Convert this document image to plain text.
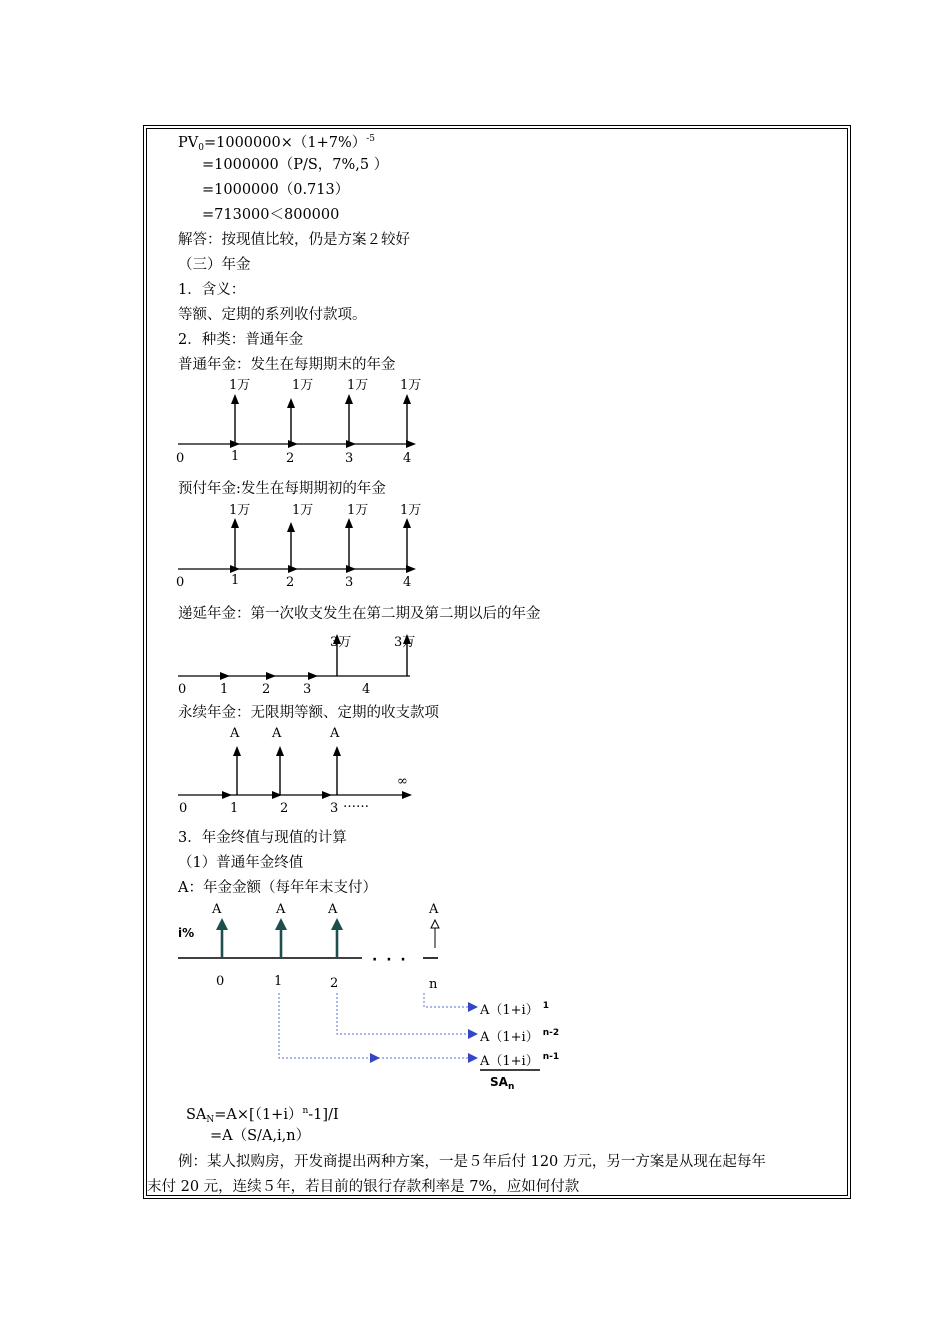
$PV_0=1000000\times(1+7\%)^{-5}$
=1000000（P/S，7%,5 ）
=1000000（0.713）
=713000＜800000
解答：按现值比较，仍是方案２较好
（三）年金
1．含义：
等额、定期的系列收付款项。
2．种类：普通年金
普通年金：发生在每期期末的年金
1万	1万	1万 1万
0	1	2	3	4
预付年金:发生在每期期初的年金
1万	1万	1万 1万
0	1	2	3	4
递延年金：第一次收支发生在第二期及第二期以后的年金
3万	3万
0	1	2	3	4
永续年金：无限期等额、定期的收支款项
A	A	A
∞
0	1	2	3 ……
3．年金终值与现值的计算
（1）普通年金终值
A：年金金额（每年年末支付）
i%
A	A	A	A
· · ·
0	1	2	n
A（1+i） $^1$
A（1+i） $^{n-2}$
A（1+i） $^{n-1}$
$SA_n$
$SA_N=A\times[(1+i)^n-1]/I$
=A（S/A,i,n）
例：某人拟购房，开发商提出两种方案，一是５年后付 120 万元，另一方案是从现在起每年
末付 20 元，连续５年，若目前的银行存款利率是 7%，应如何付款
